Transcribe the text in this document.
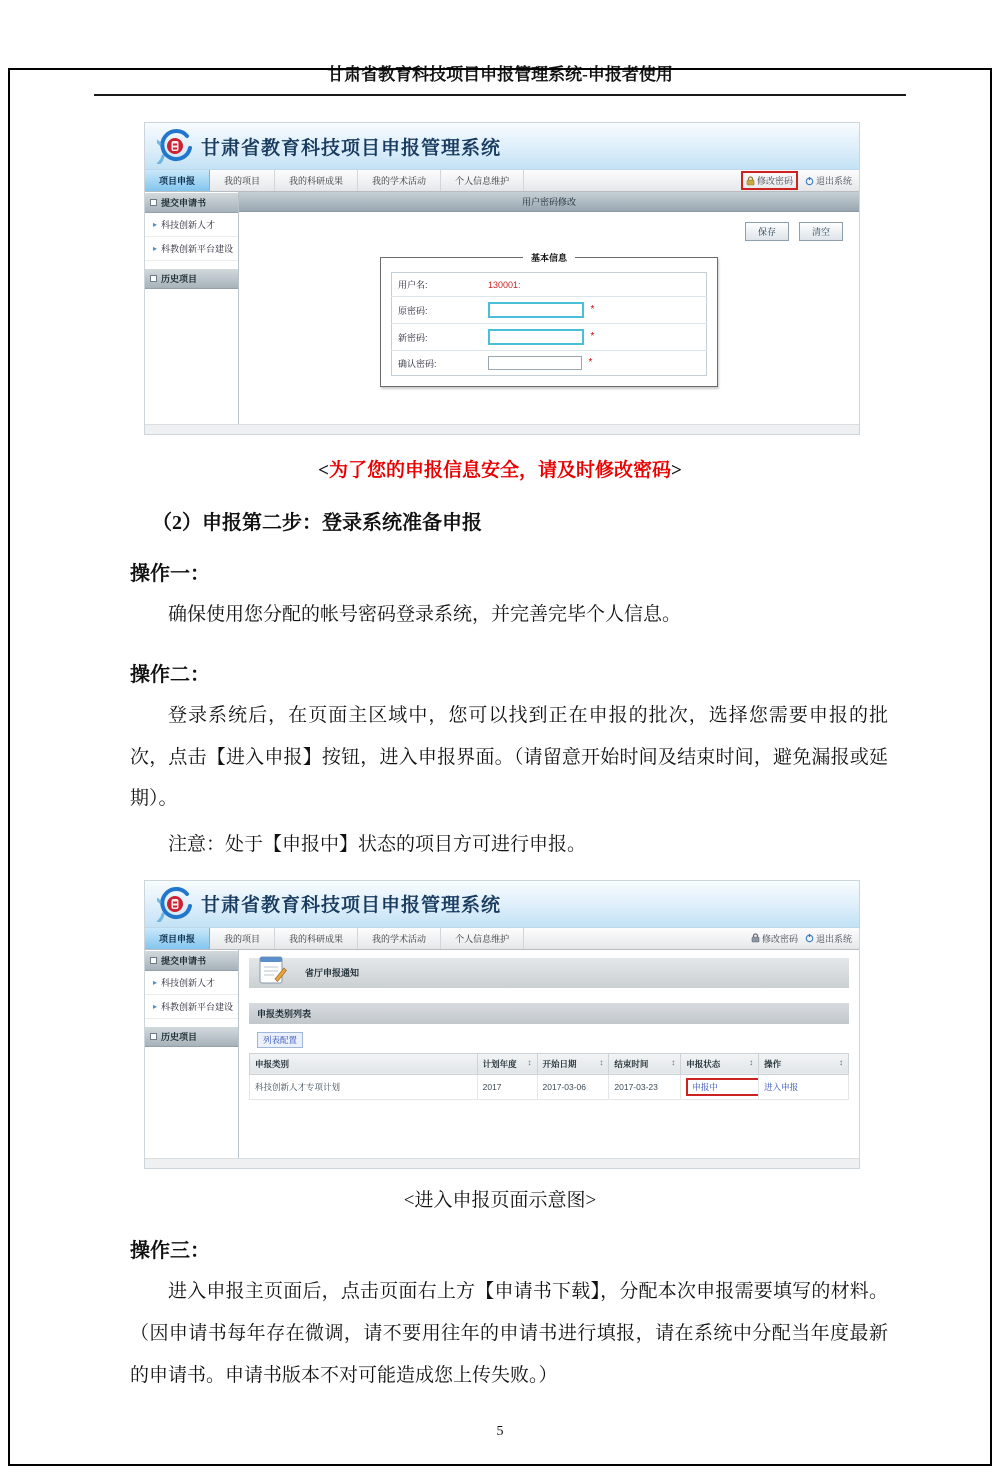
甘肃省教育科技项目申报管理系统-申报者使用
甘肃省教育科技项目申报管理系统
项目申报	我的项目	我的科研成果	我的学术活动	个人信息维护	修改密码	退出系统
提交申请书
▸ 科技创新人才
▸ 科教创新平台建设
历史项目
用户密码修改
保存	清空
基本信息
用户名:	130001:
原密码:	*
新密码:	*
确认密码:	*
<为了您的申报信息安全，请及时修改密码>
（2）申报第二步：登录系统准备申报
操作一：

确保使用您分配的帐号密码登录系统，并完善完毕个人信息。

操作二：

登录系统后，在页面主区域中，您可以找到正在申报的批次，选择您需要申报的批次，点击【进入申报】按钮，进入申报界面。（请留意开始时间及结束时间，避免漏报或延期）。

注意：处于【申报中】状态的项目方可进行申报。

甘肃省教育科技项目申报管理系统
项目申报	我的项目	我的科研成果	我的学术活动	个人信息维护	修改密码 退出系统
提交申请书
▸ 科技创新人才
▸ 科教创新平台建设
历史项目
省厅申报通知
申报类别列表
列表配置
申报类别	计划年度 ↕	开始日期 ↕	结束时间 ↕	申报状态 ↕	操作 ↕

科技创新人才专项计划	2017	2017-03-06	2017-03-23	申报中	进入申报
<进入申报页面示意图>
操作三：

进入申报主页面后，点击页面右上方【申请书下载】，分配本次申报需要填写的材料。（因申请书每年存在微调，请不要用往年的申请书进行填报，请在系统中分配当年度最新的申请书。申请书版本不对可能造成您上传失败。）

5
